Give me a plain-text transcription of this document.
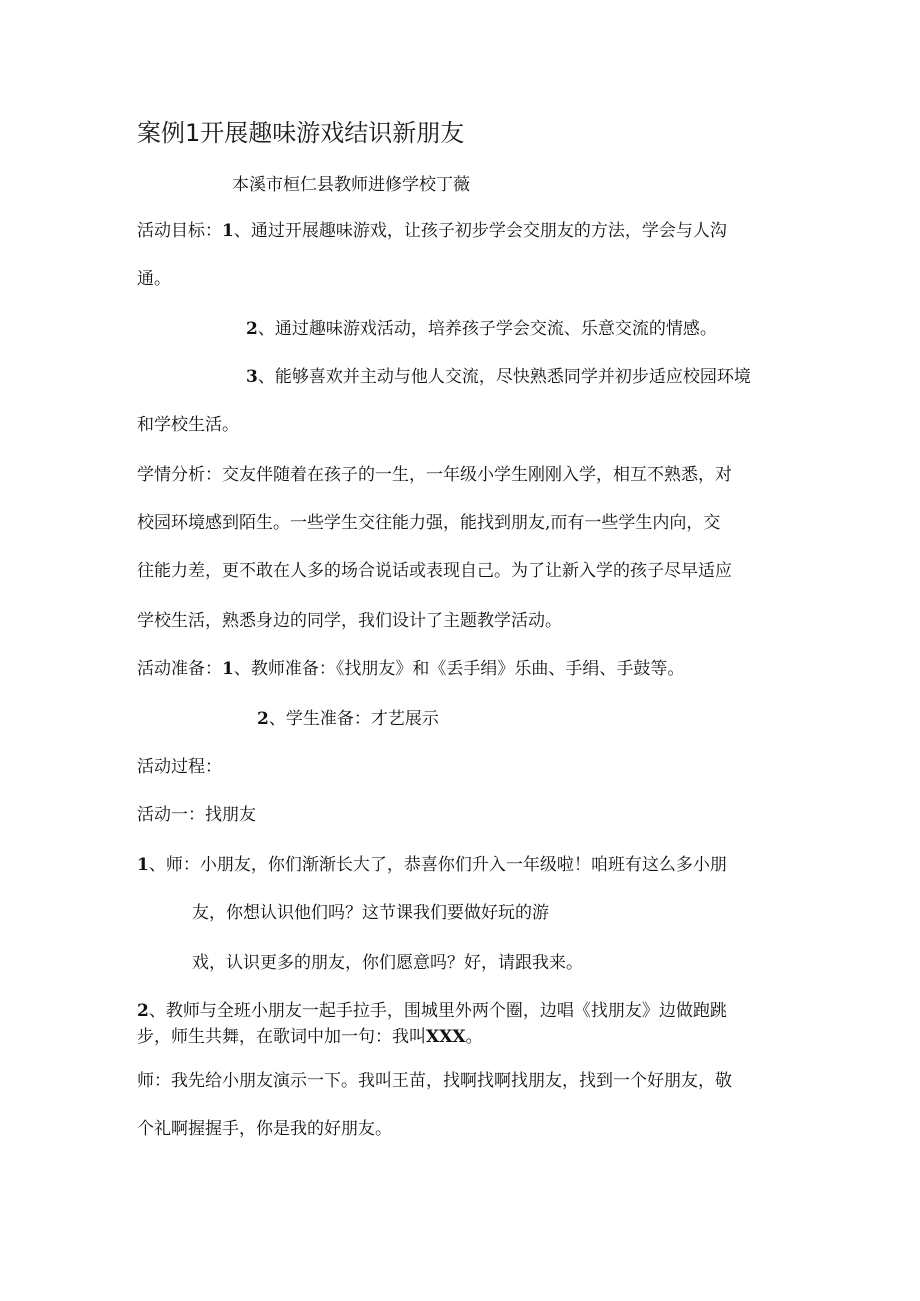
案例1开展趣味游戏结识新朋友
本溪市桓仁县教师进修学校丁薇
活动目标：1、通过开展趣味游戏，让孩子初步学会交朋友的方法，学会与人沟
通。
2、通过趣味游戏活动，培养孩子学会交流、乐意交流的情感。
3、能够喜欢并主动与他人交流，尽快熟悉同学并初步适应校园环境
和学校生活。
学情分析：交友伴随着在孩子的一生，一年级小学生刚刚入学，相互不熟悉，对
校园环境感到陌生。一些学生交往能力强，能找到朋友,而有一些学生内向，交
往能力差，更不敢在人多的场合说话或表现自己。为了让新入学的孩子尽早适应
学校生活，熟悉身边的同学，我们设计了主题教学活动。
活动准备：1、教师准备：《找朋友》和《丢手绢》乐曲、手绢、手鼓等。
2、学生准备：才艺展示
活动过程：
活动一：找朋友
1、师：小朋友，你们渐渐长大了，恭喜你们升入一年级啦！咱班有这么多小朋
友，你想认识他们吗？这节课我们要做好玩的游
戏，认识更多的朋友，你们愿意吗？好，请跟我来。
2、教师与全班小朋友一起手拉手，围城里外两个圈，边唱《找朋友》边做跑跳
步，师生共舞，在歌词中加一句：我叫XXX。
师：我先给小朋友演示一下。我叫王苗，找啊找啊找朋友，找到一个好朋友，敬
个礼啊握握手，你是我的好朋友。
